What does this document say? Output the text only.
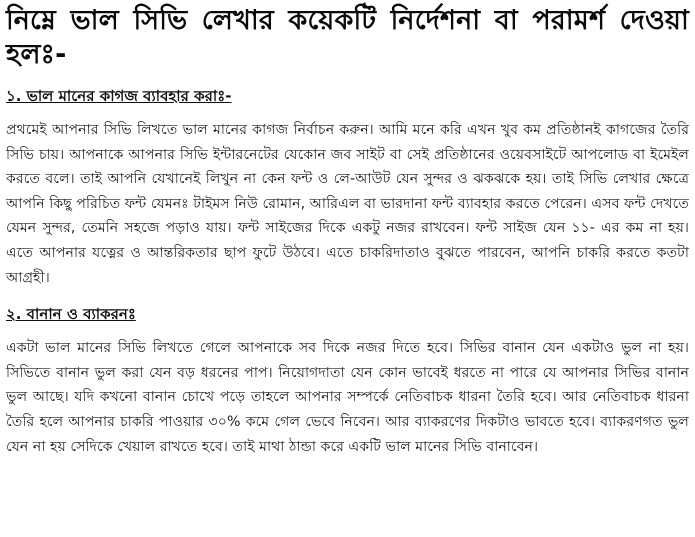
নিম্নে ভাল সিভি লেখার কয়েকটি নির্দেশনা বা পরামর্শ দেওয়া হলঃ-
১. ভাল মানের কাগজ ব্যাবহার করাঃ-

প্রথমেই আপনার সিভি লিখতে ভাল মানের কাগজ নির্বাচন করুন। আমি মনে করি এখন খুব কম প্রতিষ্ঠানই কাগজের তৈরি সিভি চায়। আপনাকে আপনার সিভি ইন্টারনেটের যেকোন জব সাইট বা সেই প্রতিষ্ঠানের ওয়েবসাইটে আপলোড বা ইমেইল করতে বলে। তাই আপনি যেখানেই লিখুন না কেন ফন্ট ও লে-আউট যেন সুন্দর ও ঝকঝকে হয়। তাই সিভি লেখার ক্ষেত্রে আপনি কিছু পরিচিত ফন্ট যেমনঃ টাইমস নিউ রোমান, আরিএল বা ভারদানা ফন্ট ব্যাবহার করতে পেরেন। এসব ফন্ট দেখতে যেমন সুন্দর, তেমনি সহজে পড়াও যায়। ফন্ট সাইজের দিকে একটু নজর রাখবেন। ফন্ট সাইজ যেন ১১- এর কম না হয়। এতে আপনার যত্নের ও আন্তরিকতার ছাপ ফুটে উঠবে। এতে চাকরিদাতাও বুঝতে পারবেন, আপনি চাকরি করতে কতটা আগ্রহী।

২. বানান ও ব্যাকরনঃ

একটা ভাল মানের সিভি লিখতে গেলে আপনাকে সব দিকে নজর দিতে হবে। সিভির বানান যেন একটাও ভুল না হয়। সিভিতে বানান ভুল করা যেন বড় ধরনের পাপ। নিয়োগদাতা যেন কোন ভাবেই ধরতে না পারে যে আপনার সিভির বানান ভুল আছে। যদি কখনো বানান চোখে পড়ে তাহলে আপনার সম্পর্কে নেতিবাচক ধারনা তৈরি হবে। আর নেতিবাচক ধারনা তৈরি হলে আপনার চাকরি পাওয়ার ৩০% কমে গেল ভেবে নিবেন। আর ব্যাকরণের দিকটাও ভাবতে হবে। ব্যাকরণগত ভুল যেন না হয় সেদিকে খেয়াল রাখতে হবে। তাই মাথা ঠান্ডা করে একটি ভাল মানের সিভি বানাবেন।
